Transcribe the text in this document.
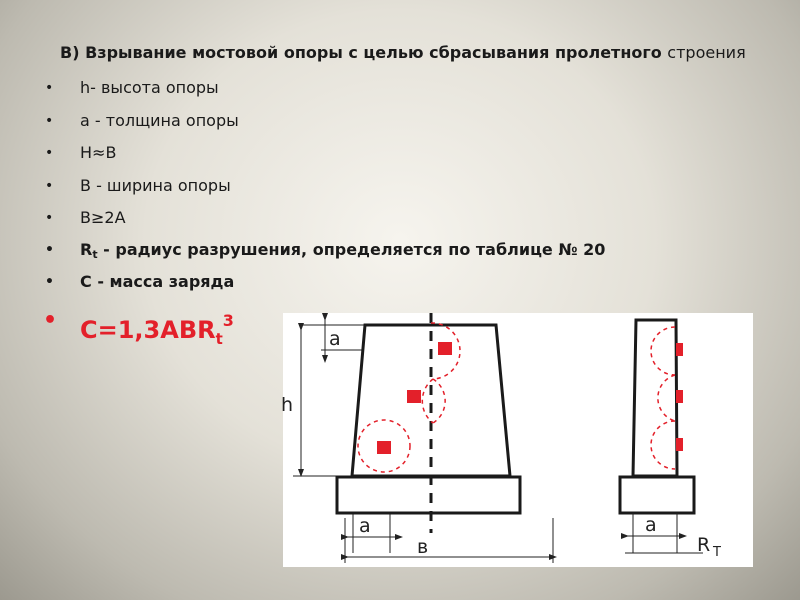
В) Взрывание мостовой опоры с целью сбрасывания пролетного строения

• h- высота опоры
• a - толщина опоры
• H≈B
• B - ширина опоры
• B≥2A
• $R_t$ - радиус разрушения, определяется по таблице № 20
• C - масса заряда
• $C=1,3ABR_t^3$
a
h
a
в
a
R T
